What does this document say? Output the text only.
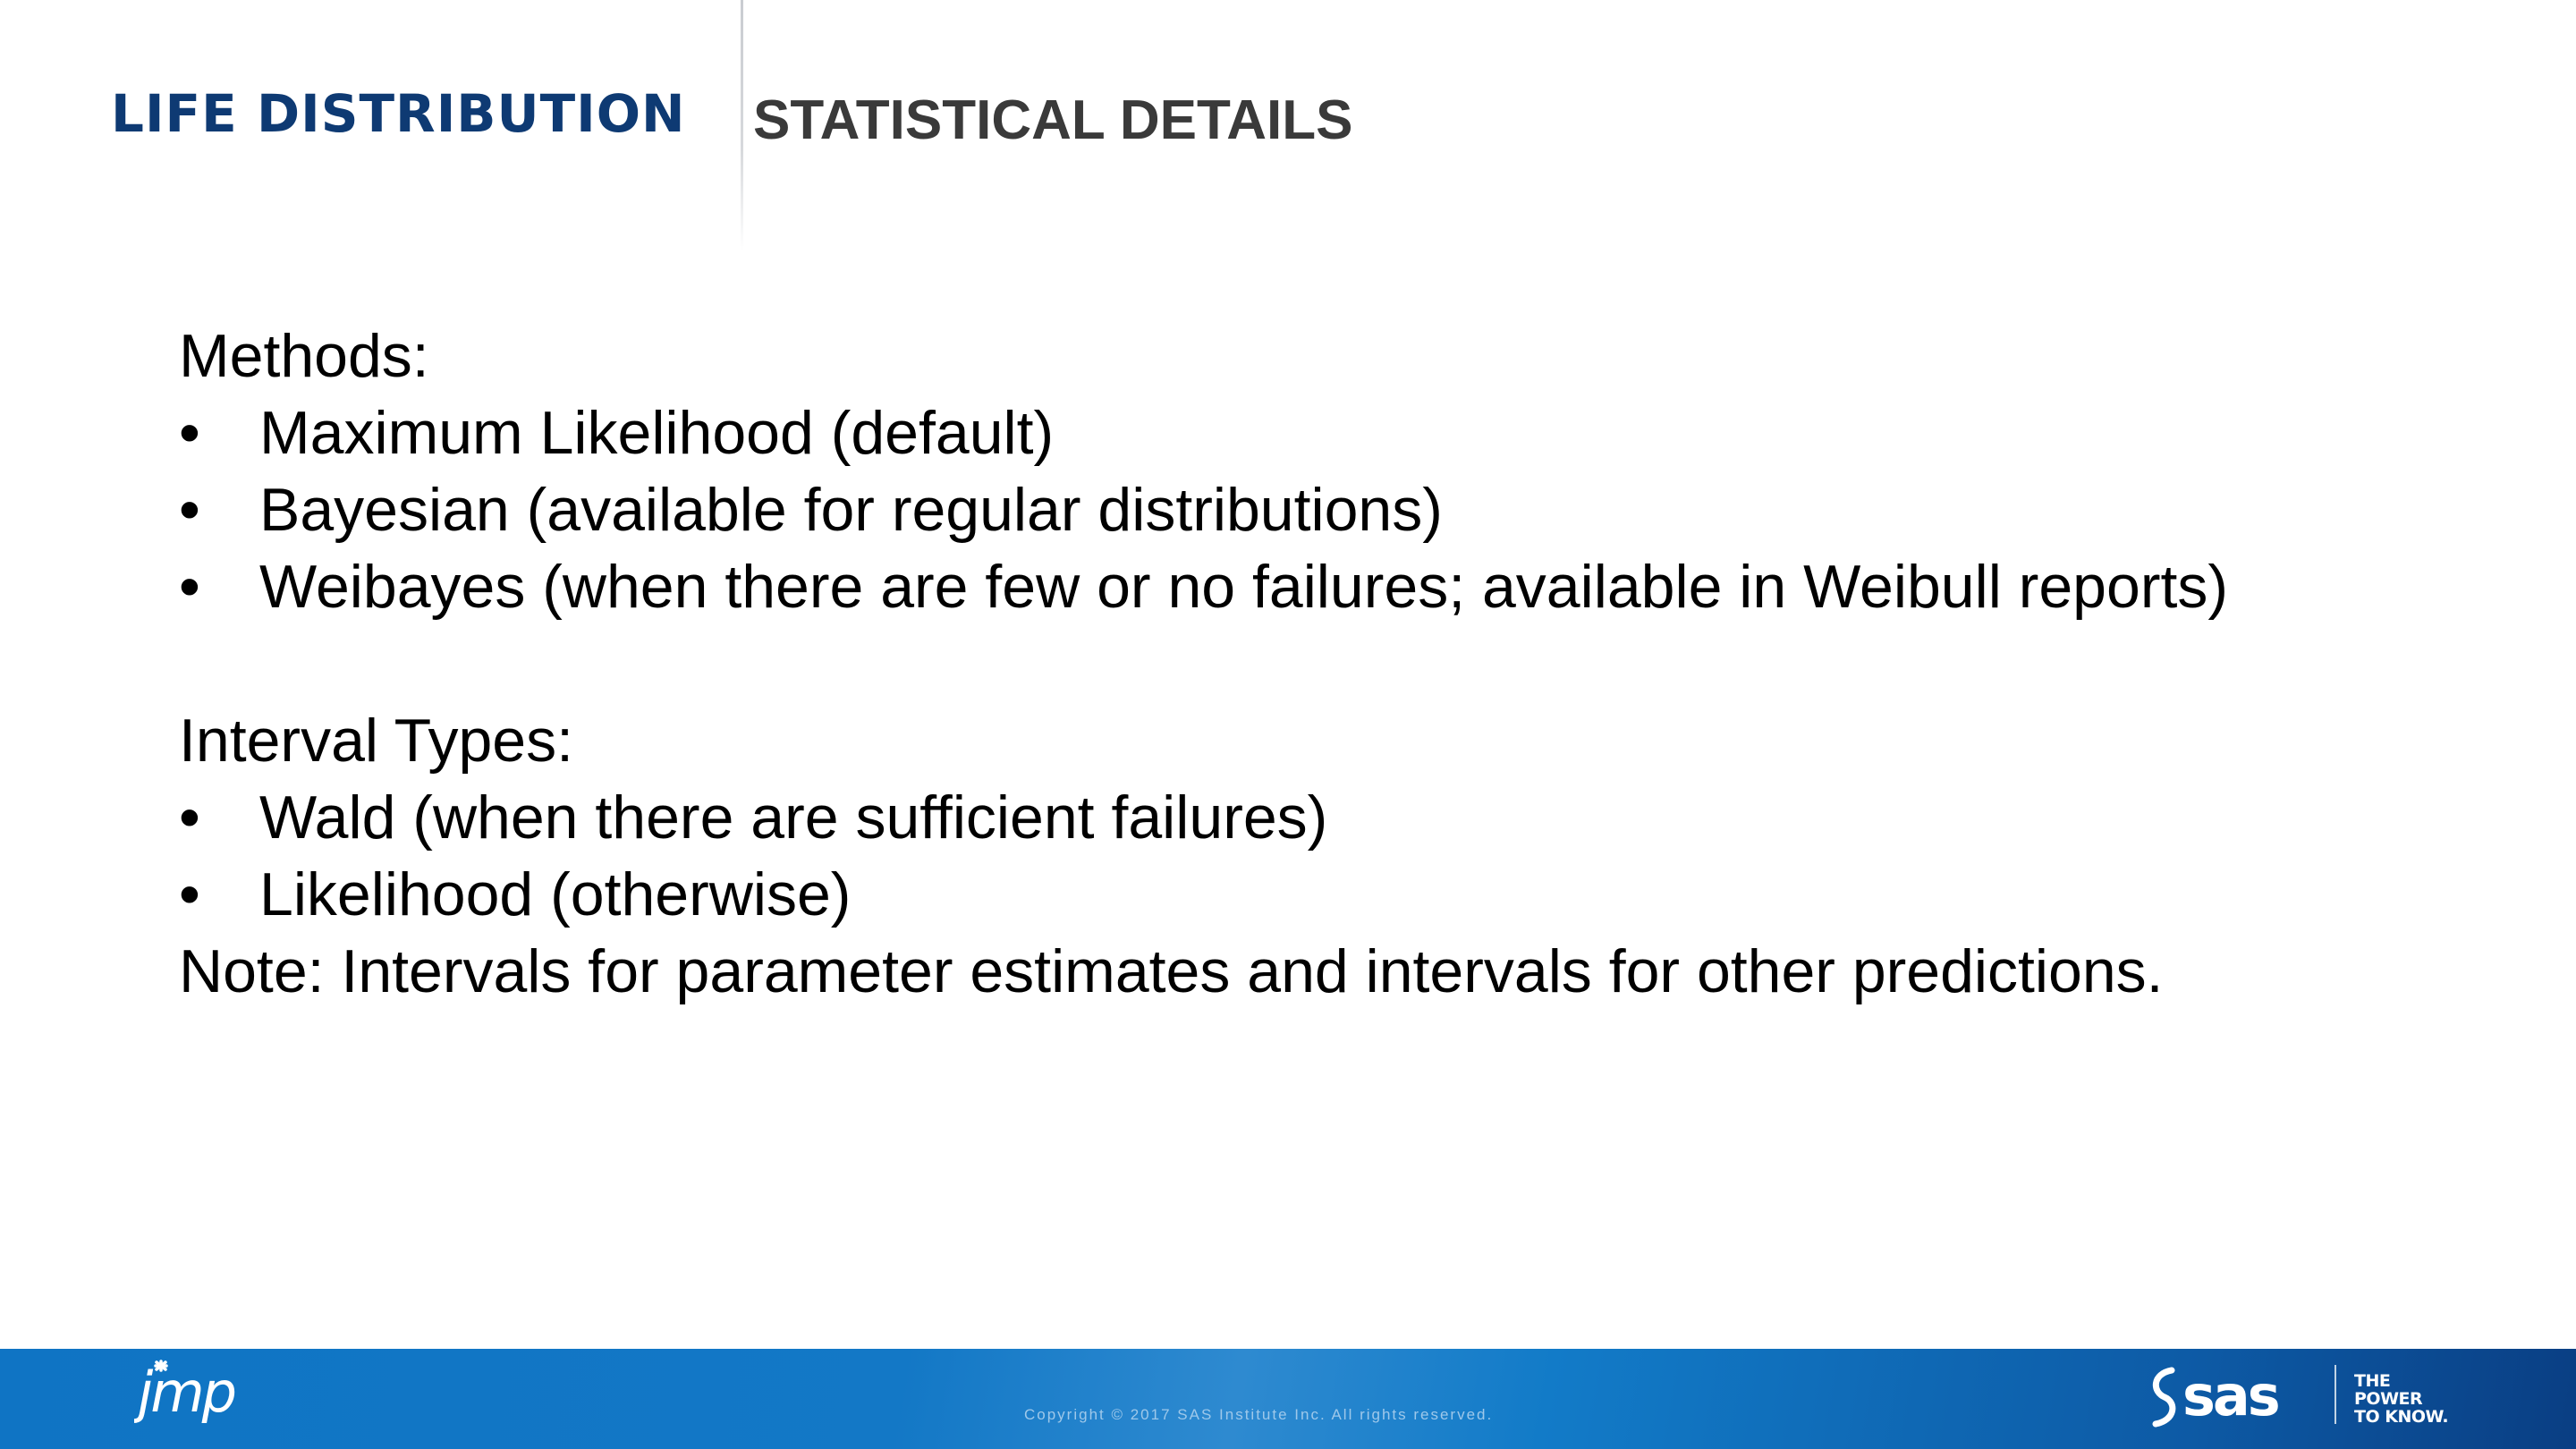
LIFE DISTRIBUTION STATISTICAL DETAILS
Methods:
• Maximum Likelihood (default)
• Bayesian (available for regular distributions)
• Weibayes (when there are few or no failures; available in Weibull reports)
Interval Types:
• Wald (when there are sufficient failures)
• Likelihood (otherwise)
Note: Intervals for parameter estimates and intervals for other predictions.
jmp	Copyright © 2017 SAS Institute Inc. All rights reserved.	sas	THE
POWER
TO KNOW.
